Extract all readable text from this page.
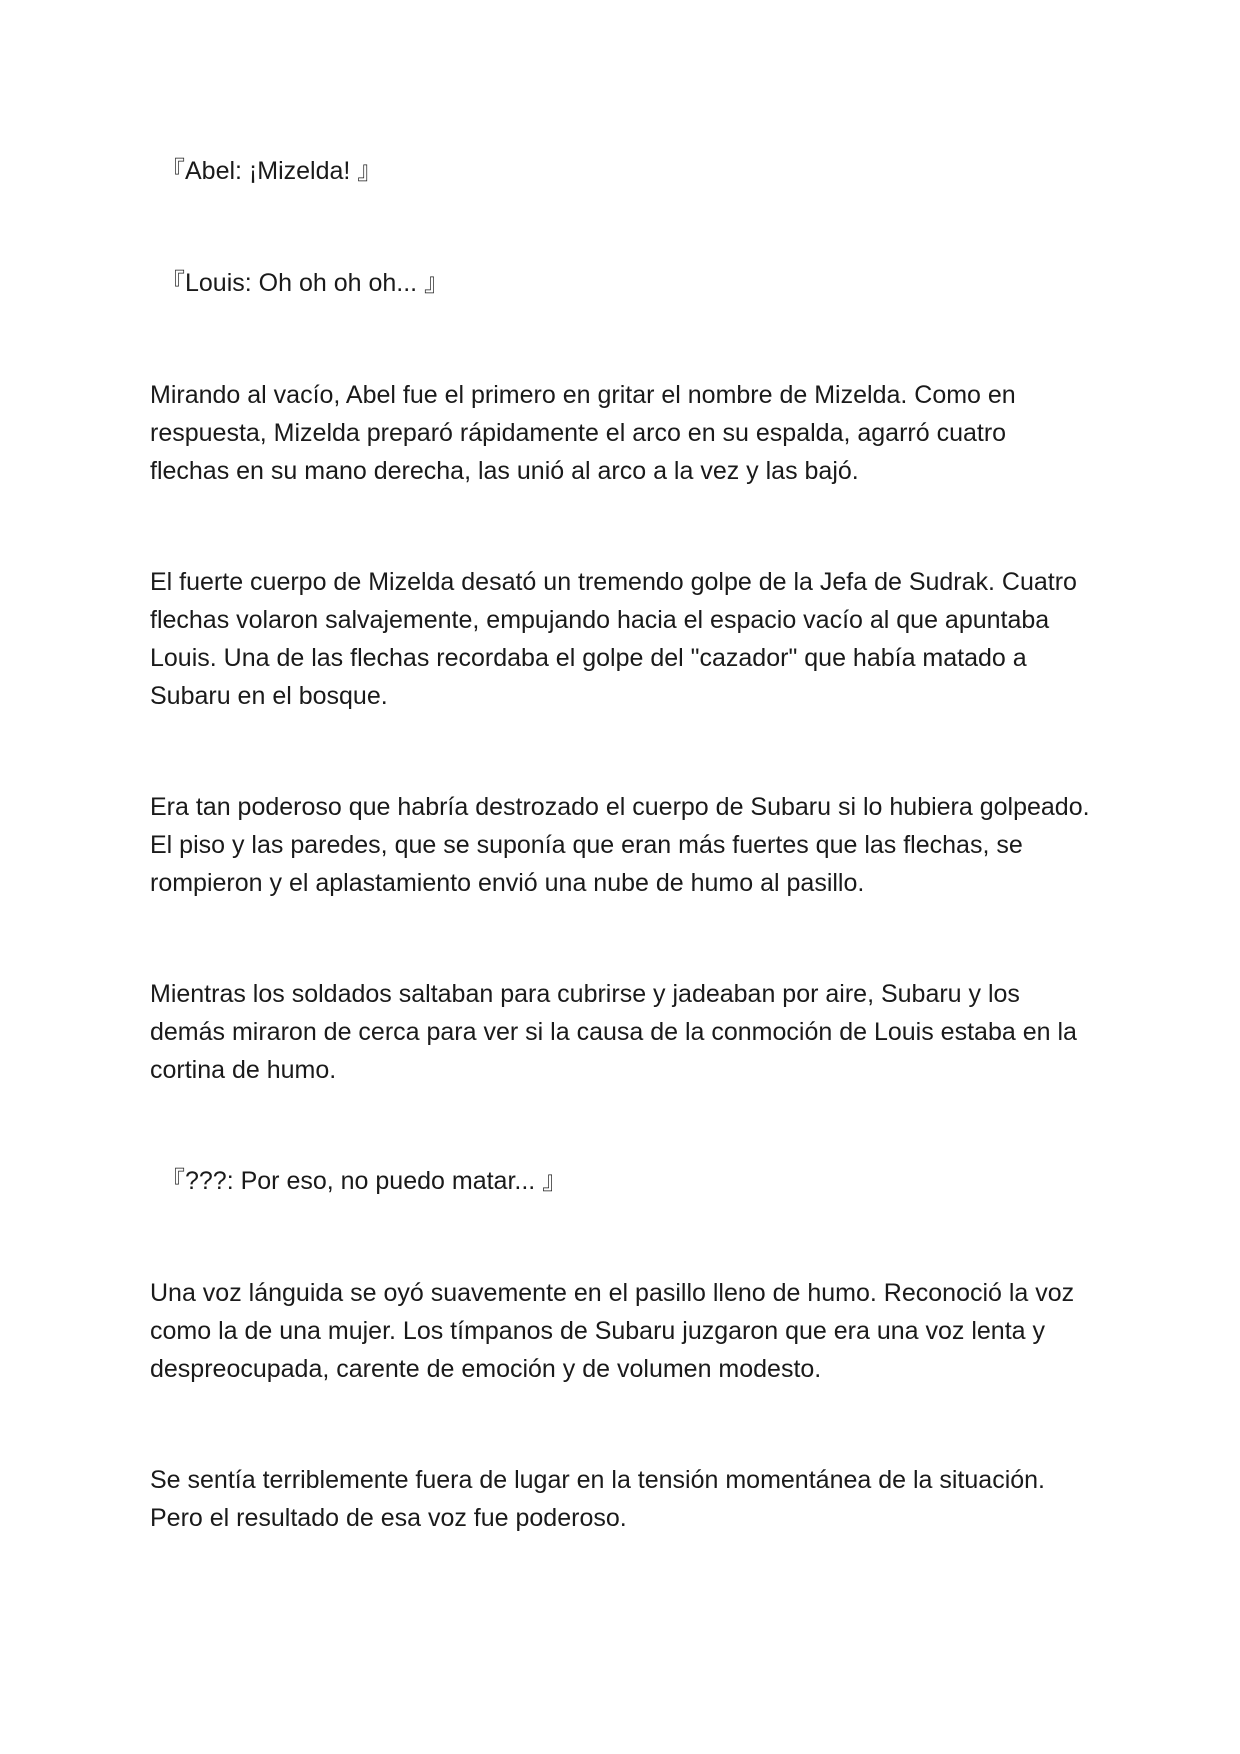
『Abel: ¡Mizelda! 』

『Louis: Oh oh oh oh... 』

Mirando al vacío, Abel fue el primero en gritar el nombre de Mizelda. Como en respuesta, Mizelda preparó rápidamente el arco en su espalda, agarró cuatro flechas en su mano derecha, las unió al arco a la vez y las bajó.

El fuerte cuerpo de Mizelda desató un tremendo golpe de la Jefa de Sudrak. Cuatro flechas volaron salvajemente, empujando hacia el espacio vacío al que apuntaba Louis. Una de las flechas recordaba el golpe del "cazador" que había matado a Subaru en el bosque.

Era tan poderoso que habría destrozado el cuerpo de Subaru si lo hubiera golpeado. El piso y las paredes, que se suponía que eran más fuertes que las flechas, se rompieron y el aplastamiento envió una nube de humo al pasillo.

Mientras los soldados saltaban para cubrirse y jadeaban por aire, Subaru y los demás miraron de cerca para ver si la causa de la conmoción de Louis estaba en la cortina de humo.

『???: Por eso, no puedo matar... 』

Una voz lánguida se oyó suavemente en el pasillo lleno de humo. Reconoció la voz como la de una mujer. Los tímpanos de Subaru juzgaron que era una voz lenta y despreocupada, carente de emoción y de volumen modesto.

Se sentía terriblemente fuera de lugar en la tensión momentánea de la situación. Pero el resultado de esa voz fue poderoso.
